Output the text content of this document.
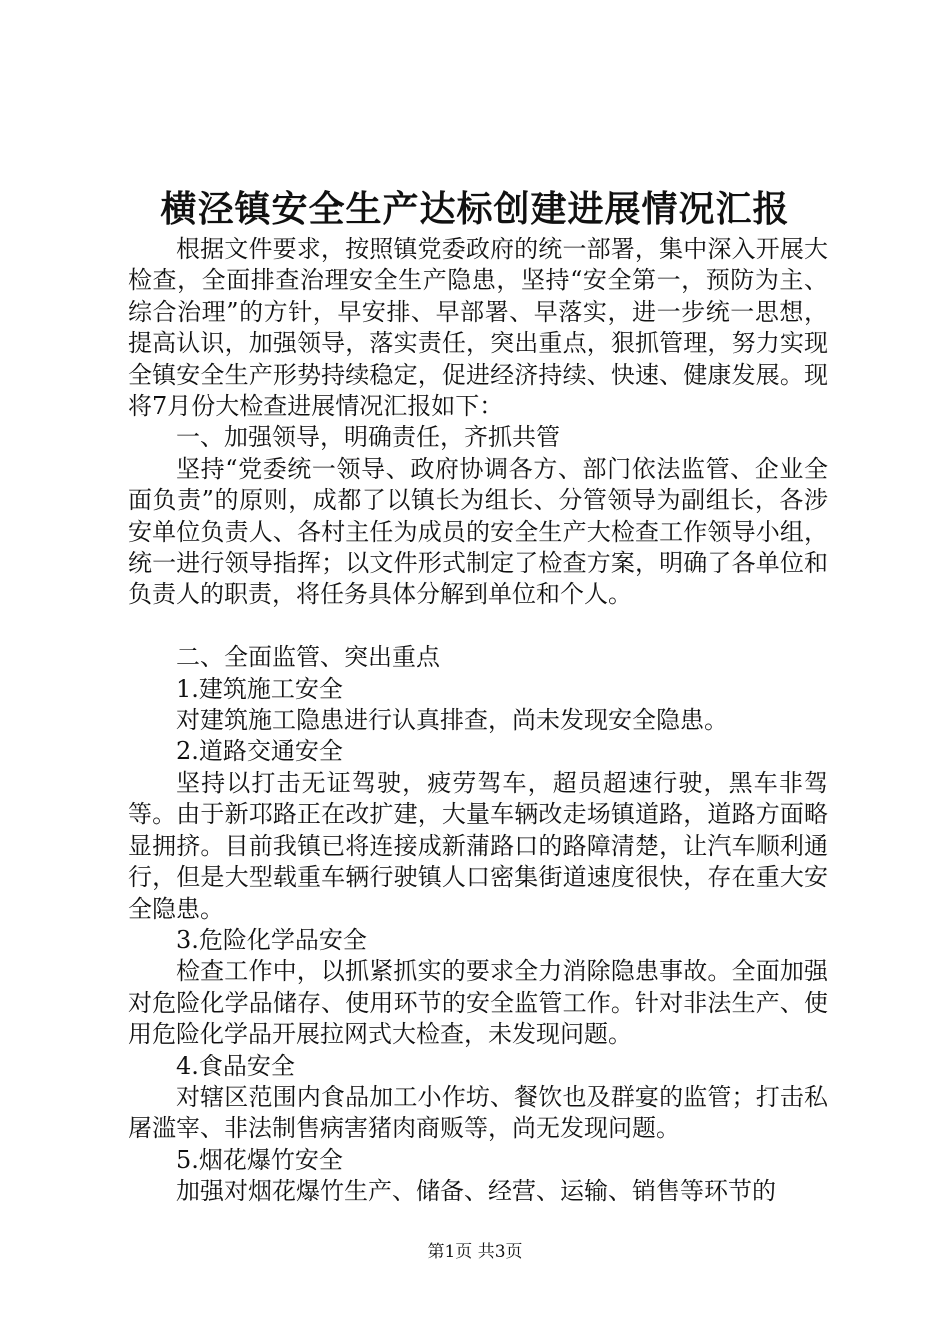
横泾镇安全生产达标创建进展情况汇报

根据文件要求，按照镇党委政府的统一部署，集中深入开展大检查，全面排查治理安全生产隐患，坚持“安全第一，预防为主、综合治理”的方针，早安排、早部署、早落实，进一步统一思想，提高认识，加强领导，落实责任，突出重点，狠抓管理，努力实现全镇安全生产形势持续稳定，促进经济持续、快速、健康发展。现将7月份大检查进展情况汇报如下：

一、加强领导，明确责任，齐抓共管

坚持“党委统一领导、政府协调各方、部门依法监管、企业全面负责”的原则，成都了以镇长为组长、分管领导为副组长，各涉安单位负责人、各村主任为成员的安全生产大检查工作领导小组，统一进行领导指挥；以文件形式制定了检查方案，明确了各单位和负责人的职责，将任务具体分解到单位和个人。

二、全面监管、突出重点

1.建筑施工安全

对建筑施工隐患进行认真排查，尚未发现安全隐患。

2.道路交通安全

坚持以打击无证驾驶，疲劳驾车，超员超速行驶，黑车非驾等。由于新邛路正在改扩建，大量车辆改走场镇道路，道路方面略显拥挤。目前我镇已将连接成新蒲路口的路障清楚，让汽车顺利通行，但是大型载重车辆行驶镇人口密集街道速度很快，存在重大安全隐患。

3.危险化学品安全

检查工作中，以抓紧抓实的要求全力消除隐患事故。全面加强对危险化学品储存、使用环节的安全监管工作。针对非法生产、使用危险化学品开展拉网式大检查，未发现问题。

4.食品安全

对辖区范围内食品加工小作坊、餐饮也及群宴的监管；打击私屠滥宰、非法制售病害猪肉商贩等，尚无发现问题。

5.烟花爆竹安全

加强对烟花爆竹生产、储备、经营、运输、销售等环节的

第1页 共3页
